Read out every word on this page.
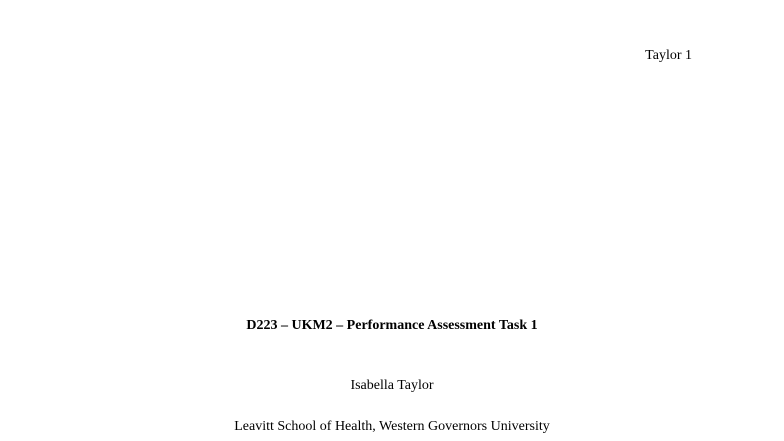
Taylor 1
D223 – UKM2 – Performance Assessment Task 1
Isabella Taylor
Leavitt School of Health, Western Governors University
